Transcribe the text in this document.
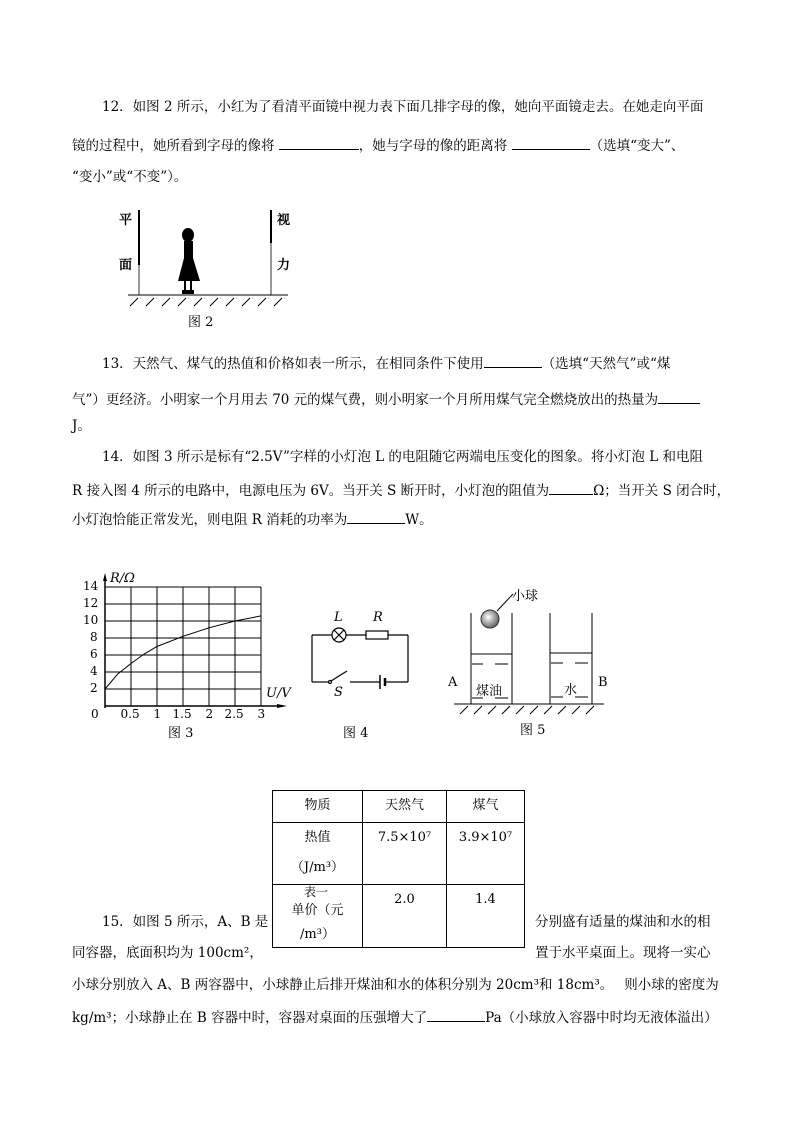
12．如图 2 所示，小红为了看清平面镜中视力表下面几排字母的像，她向平面镜走去。在她走向平面
镜的过程中，她所看到字母的像将	，她与字母的像的距离将	（选填“变大”、
“变小”或“不变”）。
平
面
视
力
图 2
13．天然气、煤气的热值和价格如表一所示，在相同条件下使用	（选填“天然气”或“煤
气”）更经济。小明家一个月用去 70 元的煤气费，则小明家一个月所用煤气完全燃烧放出的热量为
J。
14．如图 3 所示是标有“2.5V”字样的小灯泡 L 的电阻随它两端电压变化的图象。将小灯泡 L 和电阻
R 接入图 4 所示的电路中，电源电压为 6V。当开关 S 断开时，小灯泡的阻值为	Ω；当开关 S 闭合时，
小灯泡恰能正常发光，则电阻 R 消耗的功率为	W。
R/Ω
U/V
0 0.5 1 1.5 2 2.5 3
2
4
6
8
10
12
14
图 3
L R
S
图 4
小球
A	B
煤油	水
图 5
物质	天然气	煤气

热值
（J/m³）	7.5×10⁷	3.9×10⁷

单价（元
/m³）	2.0	1.4
表一
15．如图 5 所示，A、B 是	分别盛有适量的煤油和水的相
同容器，底面积均为 100cm²，	置于水平桌面上。现将一实心
小球分别放入 A、B 两容器中，小球静止后排开煤油和水的体积分别为 20cm³和 18cm³。　 则小球的密度为
kg/m³；小球静止在 B 容器中时，容器对桌面的压强增大了	Pa（小球放入容器中时均无液体溢出）
